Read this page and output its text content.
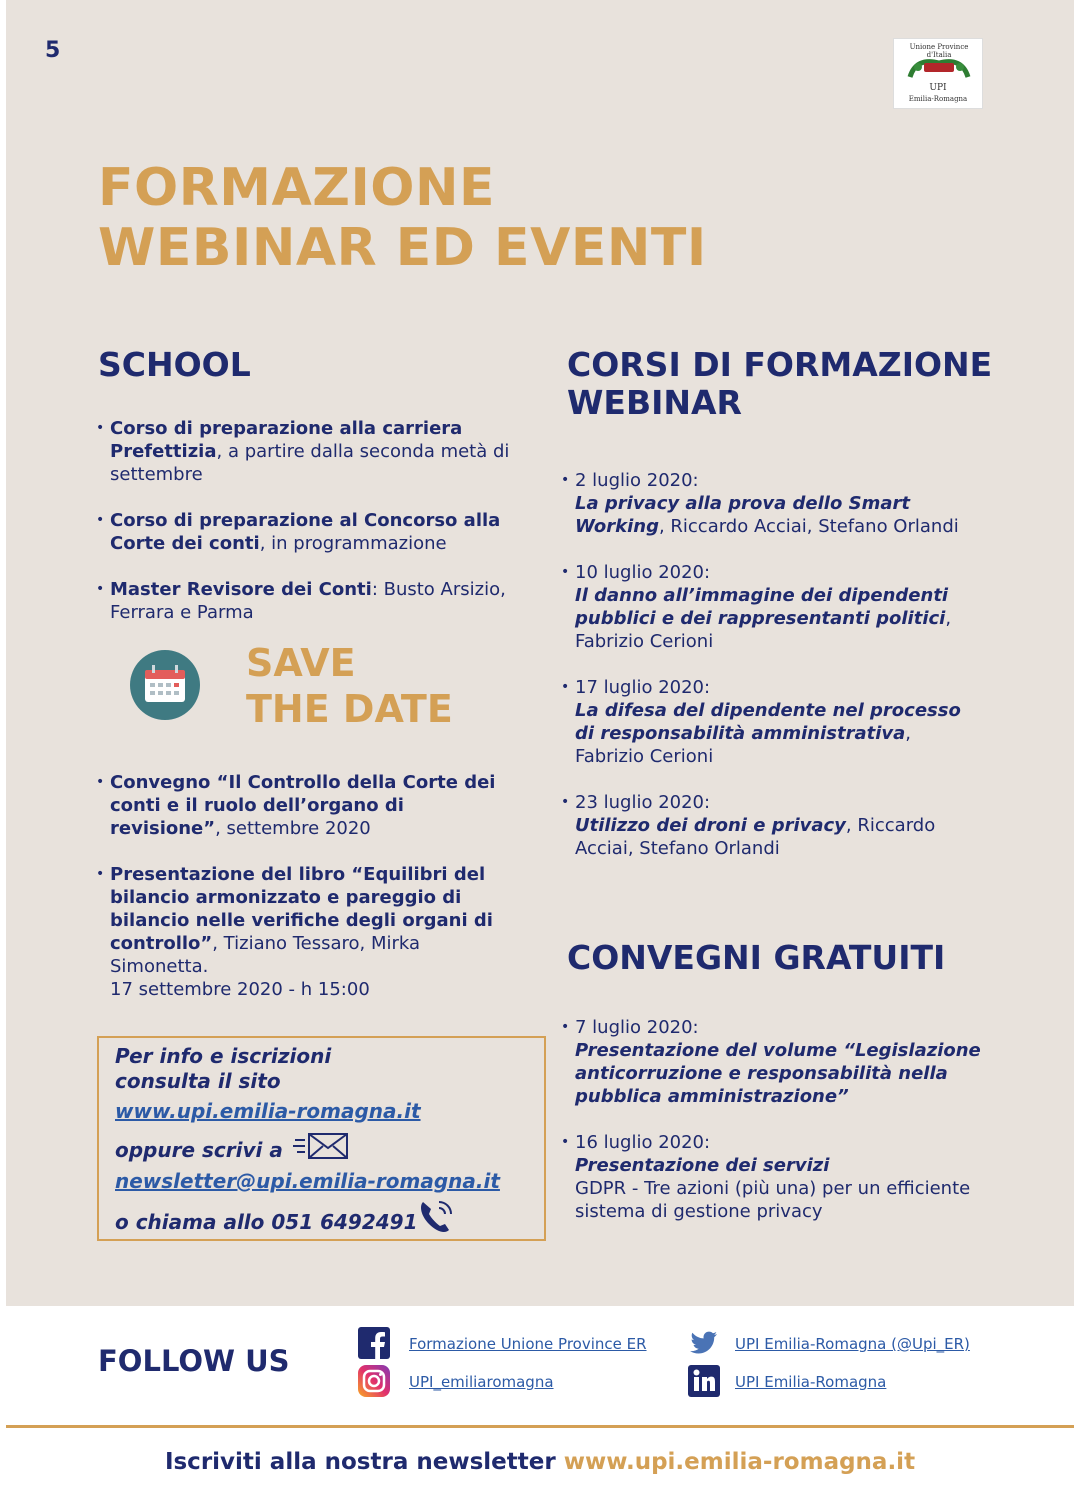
5	Unione Province d'Italia
UPI
Emilia-Romagna
FORMAZIONE
WEBINAR ED EVENTI
SCHOOL
• Corso di preparazione alla carriera Prefettizia, a partire dalla seconda metà di settembre
• Corso di preparazione al Concorso alla Corte dei conti, in programmazione
• Master Revisore dei Conti: Busto Arsizio, Ferrara e Parma
SAVE
THE DATE
• Convegno “Il Controllo della Corte dei conti e il ruolo dell’organo di revisione”, settembre 2020
• Presentazione del libro “Equilibri del bilancio armonizzato e pareggio di bilancio nelle verifiche degli organi di controllo”, Tiziano Tessaro, Mirka Simonetta.
17 settembre 2020 - h 15:00
Per info e iscrizioni
consulta il sito
www.upi.emilia-romagna.it
oppure scrivi a
newsletter@upi.emilia-romagna.it
o chiama allo 051 6492491
CORSI DI FORMAZIONE
WEBINAR
• 2 luglio 2020:
La privacy alla prova dello Smart Working, Riccardo Acciai, Stefano Orlandi
• 10 luglio 2020:
Il danno all’immagine dei dipendenti pubblici e dei rappresentanti politici, Fabrizio Cerioni
• 17 luglio 2020:
La difesa del dipendente nel processo di responsabilità amministrativa, Fabrizio Cerioni
• 23 luglio 2020:
Utilizzo dei droni e privacy, Riccardo Acciai, Stefano Orlandi
CONVEGNI GRATUITI
• 7 luglio 2020:
Presentazione del volume “Legislazione anticorruzione e responsabilità nella pubblica amministrazione”
• 16 luglio 2020:
Presentazione dei servizi
GDPR - Tre azioni (più una) per un efficiente sistema di gestione privacy
FOLLOW US	Formazione Unione Province ER	UPI Emilia-Romagna (@Upi_ER)
UPI_emiliaromagna	UPI Emilia-Romagna
Iscriviti alla nostra newsletter www.upi.emilia-romagna.it
